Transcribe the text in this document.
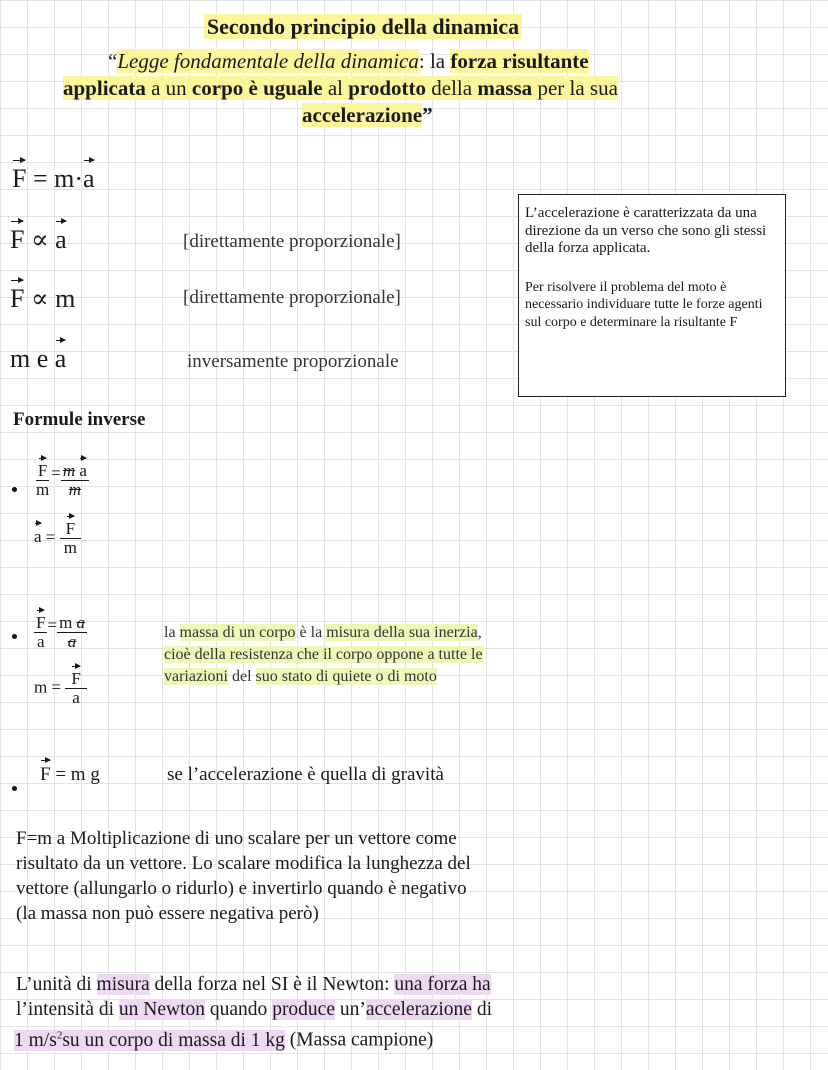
Secondo principio della dinamica
“Legge fondamentale della dinamica: la forza risultante
applicata a un corpo è uguale al prodotto della massa per la sua
accelerazione”
F = m·a
F ∝ a	[direttamente proporzionale]
F ∝ m	[direttamente proporzionale]
m e a	inversamente proporzionale

L’accelerazione è caratterizzata da una direzione da un verso che sono gli stessi della forza applicata.

Per risolvere il problema del moto è necessario individuare tutte le forze agenti sul corpo e determinare la risultante F

Formule inverse
$\frac{F}{m} = \frac{\text{m a}}{m}$
$a = \frac{F}{m}$
$\frac{F}{a} = \frac{\text{m a}}{a}$
$m = \frac{F}{a}$
la massa di un corpo è la misura della sua inerzia,
cioè della resistenza che il corpo oppone a tutte le
variazioni del suo stato di quiete o di moto
F = m g	se l’accelerazione è quella di gravità
F=m a Moltiplicazione di uno scalare per un vettore come
risultato da un vettore. Lo scalare modifica la lunghezza del
vettore (allungarlo o ridurlo) e invertirlo quando è negativo
(la massa non può essere negativa però)
L’unità di misura della forza nel SI è il Newton: una forza ha
l’intensità di un Newton quando produce un’accelerazione di
1 $m/s^2su$ un corpo di massa di 1 kg (Massa campione)
